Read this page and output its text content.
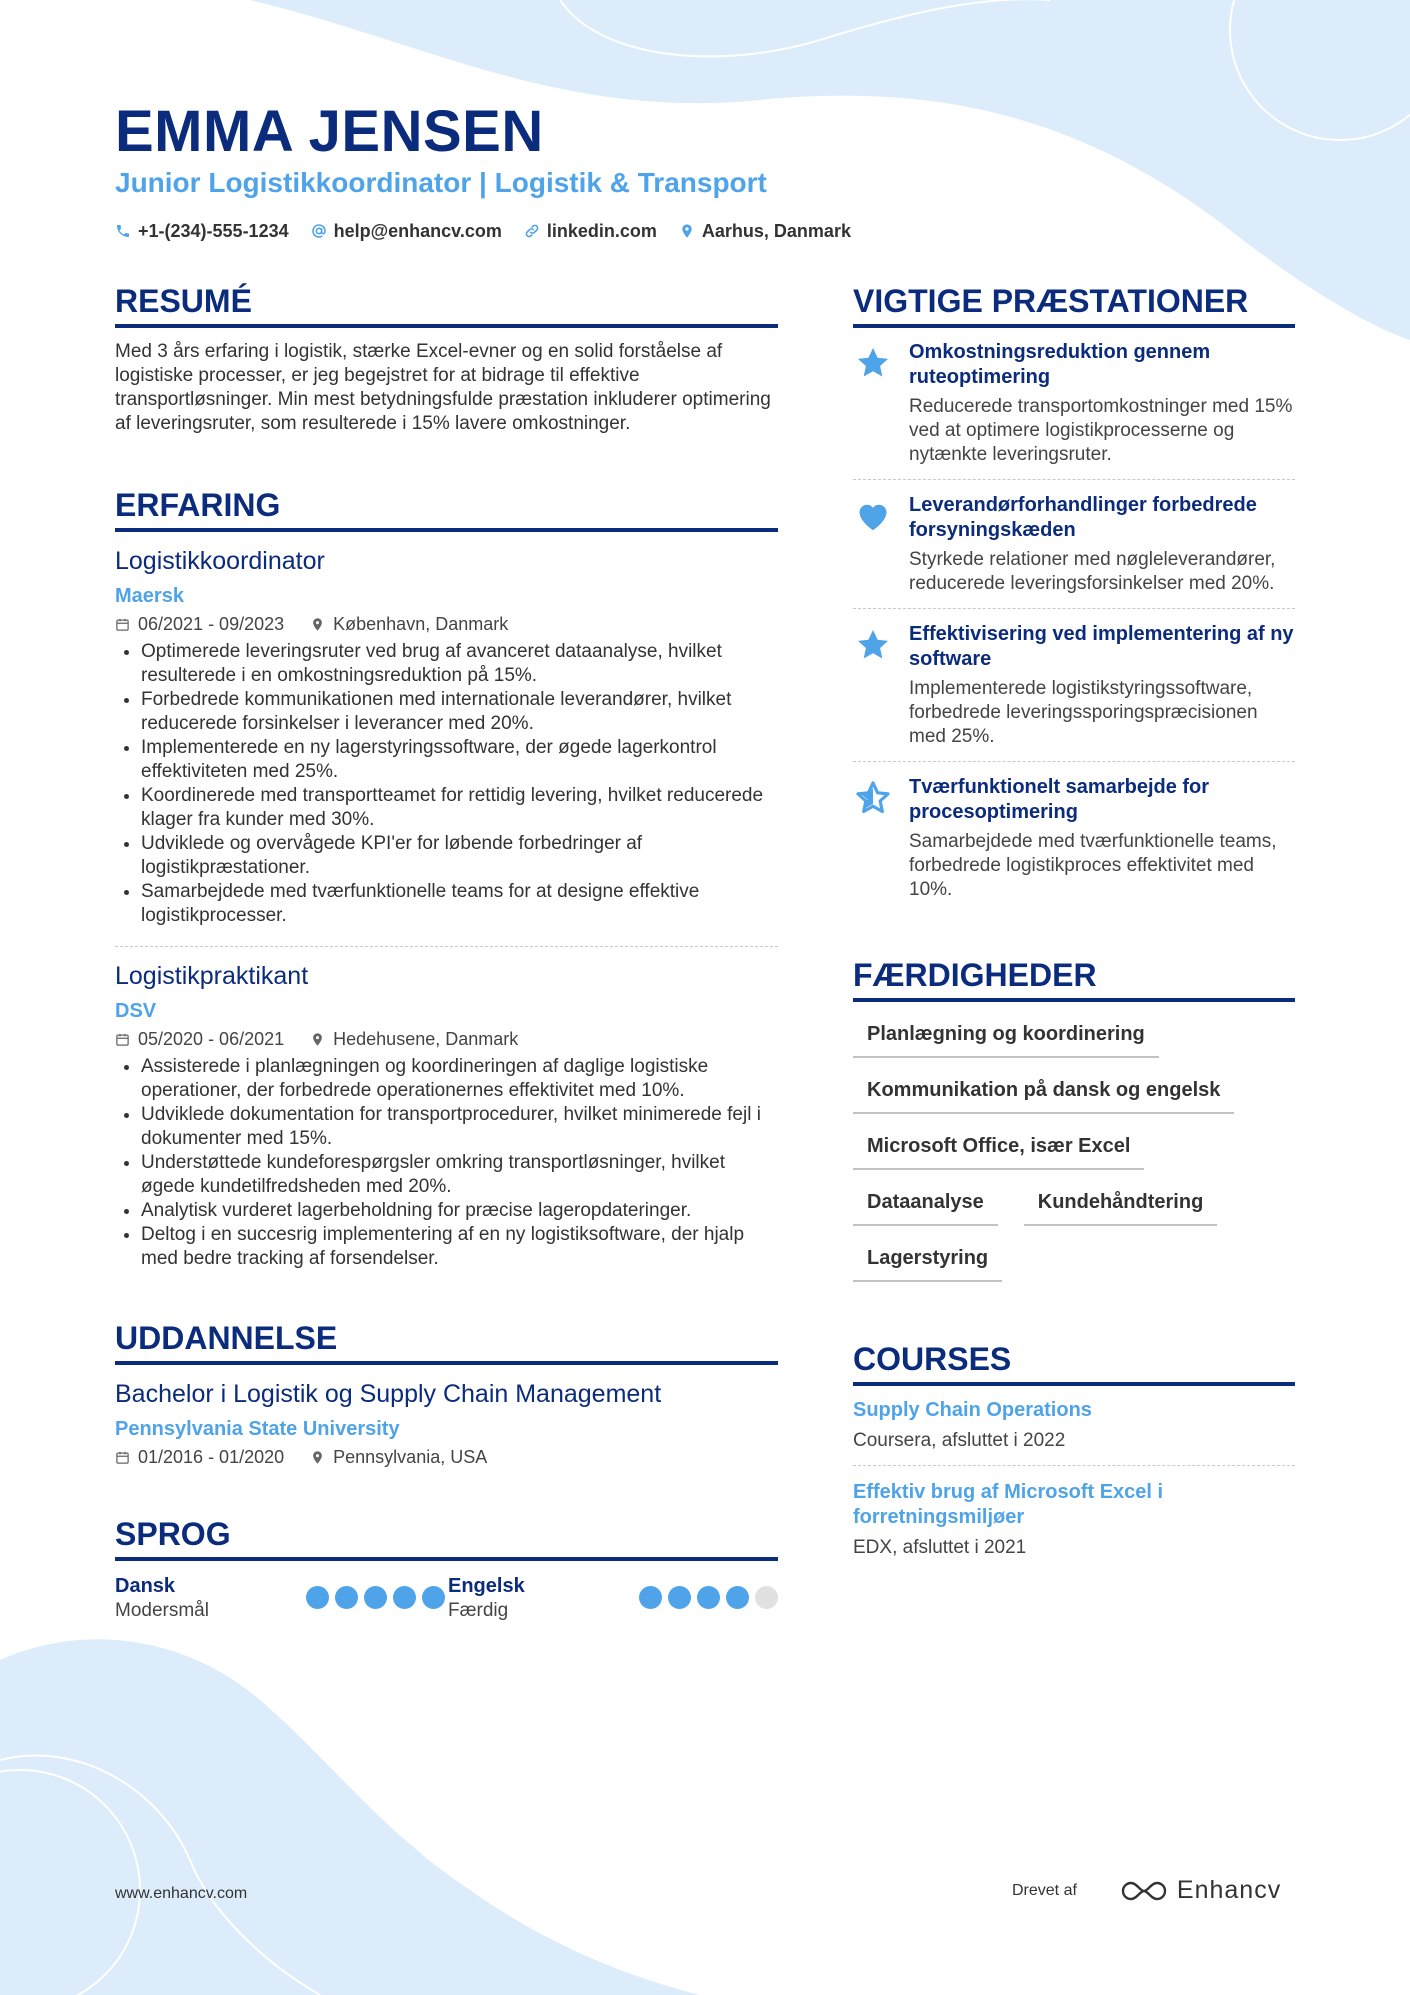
EMMA JENSEN
Junior Logistikkoordinator | Logistik & Transport
+1-(234)-555-1234	help@enhancv.com	linkedin.com	Aarhus, Danmark
RESUMÉ

Med 3 års erfaring i logistik, stærke Excel-evner og en solid forståelse af logistiske processer, er jeg begejstret for at bidrage til effektive transportløsninger. Min mest betydningsfulde præstation inkluderer optimering af leveringsruter, som resulterede i 15% lavere omkostninger.

ERFARING
Logistikkoordinator
Maersk
06/2021 - 09/2023	København, Danmark
• Optimerede leveringsruter ved brug af avanceret dataanalyse, hvilket resulterede i en omkostningsreduktion på 15%.
• Forbedrede kommunikationen med internationale leverandører, hvilket reducerede forsinkelser i leverancer med 20%.
• Implementerede en ny lagerstyringssoftware, der øgede lagerkontrol effektiviteten med 25%.
• Koordinerede med transportteamet for rettidig levering, hvilket reducerede klager fra kunder med 30%.
• Udviklede og overvågede KPI'er for løbende forbedringer af logistikpræstationer.
• Samarbejdede med tværfunktionelle teams for at designe effektive logistikprocesser.
Logistikpraktikant
DSV
05/2020 - 06/2021	Hedehusene, Danmark
• Assisterede i planlægningen og koordineringen af daglige logistiske operationer, der forbedrede operationernes effektivitet med 10%.
• Udviklede dokumentation for transportprocedurer, hvilket minimerede fejl i dokumenter med 15%.
• Understøttede kundeforespørgsler omkring transportløsninger, hvilket øgede kundetilfredsheden med 20%.
• Analytisk vurderet lagerbeholdning for præcise lageropdateringer.
• Deltog i en succesrig implementering af en ny logistiksoftware, der hjalp med bedre tracking af forsendelser.
UDDANNELSE
Bachelor i Logistik og Supply Chain Management
Pennsylvania State University
01/2016 - 01/2020	Pennsylvania, USA
SPROG
Dansk
Modersmål
Engelsk
Færdig
VIGTIGE PRÆSTATIONER
Omkostningsreduktion gennem ruteoptimering
Reducerede transportomkostninger med 15% ved at optimere logistikprocesserne og nytænkte leveringsruter.
Leverandørforhandlinger forbedrede forsyningskæden
Styrkede relationer med nøgleleverandører, reducerede leveringsforsinkelser med 20%.
Effektivisering ved implementering af ny software
Implementerede logistikstyringssoftware, forbedrede leveringssporingspræcisionen med 25%.
Tværfunktionelt samarbejde for procesoptimering
Samarbejdede med tværfunktionelle teams, forbedrede logistikproces effektivitet med 10%.
FÆRDIGHEDER
Planlægning og koordinering
Kommunikation på dansk og engelsk
Microsoft Office, især Excel
Dataanalyse	Kundehåndtering
Lagerstyring
COURSES
Supply Chain Operations
Coursera, afsluttet i 2022
Effektiv brug af Microsoft Excel i forretningsmiljøer
EDX, afsluttet i 2021
www.enhancv.com	Drevet af	Enhancv
